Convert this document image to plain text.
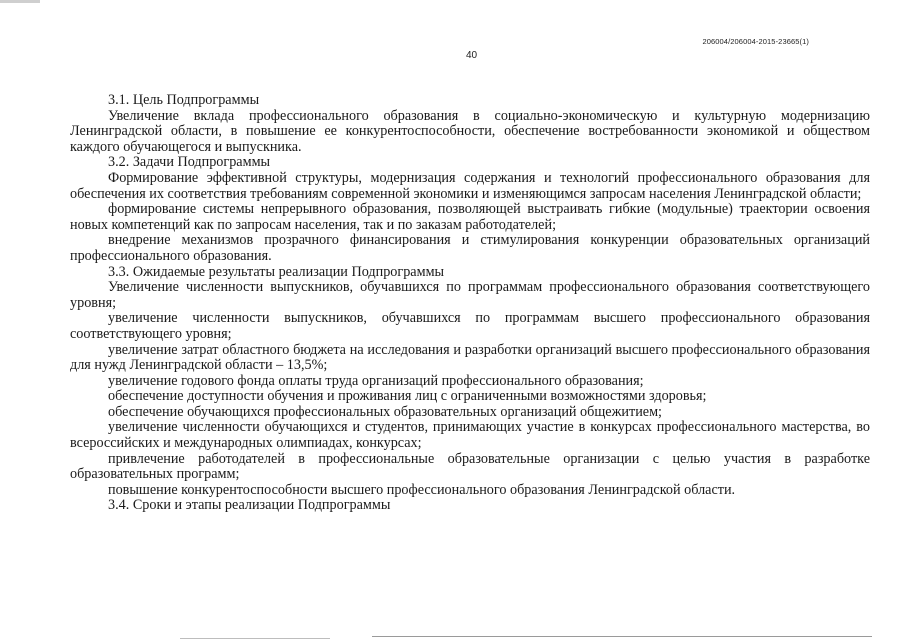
206004/206004-2015-23665(1)
40

3.1. Цель Подпрограммы

Увеличение вклада профессионального образования в социально-экономическую и культурную модернизацию Ленинградской области, в повышение ее конкурентоспособности, обеспечение востребованности экономикой и обществом каждого обучающегося и выпускника.

3.2. Задачи Подпрограммы

Формирование эффективной структуры, модернизация содержания и технологий профессионального образования для обеспечения их соответствия требованиям современной экономики и изменяющимся запросам населения Ленинградской области;

формирование системы непрерывного образования, позволяющей выстраивать гибкие (модульные) траектории освоения новых компетенций как по запросам населения, так и по заказам работодателей;

внедрение механизмов прозрачного финансирования и стимулирования конкуренции образовательных организаций профессионального образования.

3.3. Ожидаемые результаты реализации Подпрограммы

Увеличение численности выпускников, обучавшихся по программам профессионального образования соответствующего уровня;

увеличение численности выпускников, обучавшихся по программам высшего профессионального образования соответствующего уровня;

увеличение затрат областного бюджета на исследования и разработки организаций высшего профессионального образования для нужд Ленинградской области – 13,5%;

увеличение годового фонда оплаты труда организаций профессионального образования;

обеспечение доступности обучения и проживания лиц с ограниченными возможностями здоровья;

обеспечение обучающихся профессиональных образовательных организаций общежитием;

увеличение численности обучающихся и студентов, принимающих участие в конкурсах профессионального мастерства, во всероссийских и международных олимпиадах, конкурсах;

привлечение работодателей в профессиональные образовательные организации с целью участия в разработке образовательных программ;

повышение конкурентоспособности высшего профессионального образования Ленинградской области.

3.4. Сроки и этапы реализации Подпрограммы
